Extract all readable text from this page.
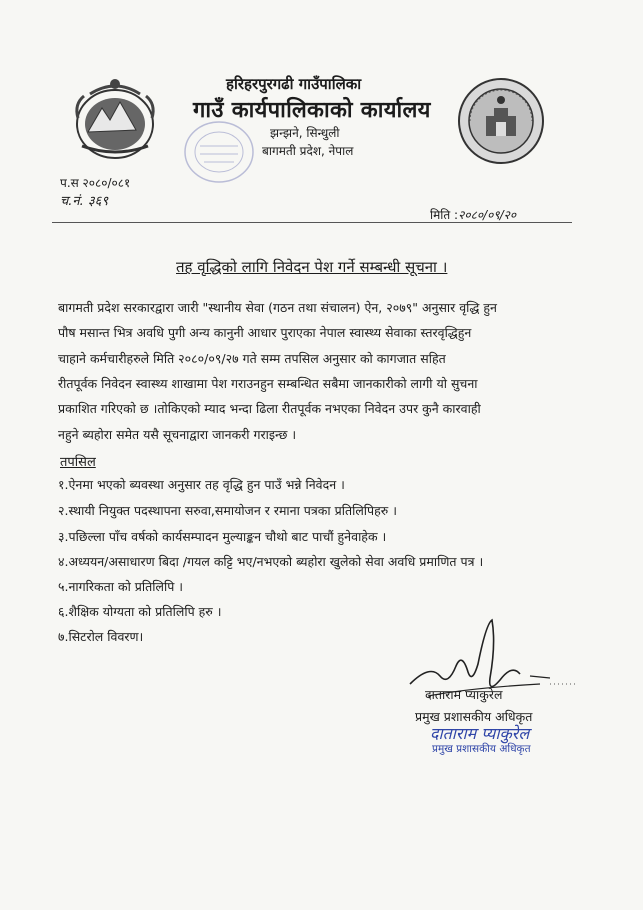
हरिहरपुरगढी गाउँपालिका
गाउँ कार्यपालिकाको कार्यालय
झन्झने, सिन्धुली
बागमती प्रदेश, नेपाल
प.स २०८०/०८१
च.नं. ३६९
मिति :२०८०/०९/२०
तह वृद्धिको लागि निवेदन पेश गर्ने सम्बन्धी सूचना ।
बागमती प्रदेश सरकारद्वारा जारी "स्थानीय सेवा (गठन तथा संचालन) ऐन, २०७९" अनुसार वृद्धि हुन
पौष मसान्त भित्र अवधि पुगी अन्य कानुनी आधार पुराएका नेपाल स्वास्थ्य सेवाका स्तरवृद्धिहुन
चाहाने कर्मचारीहरुले मिति २०८०/०९/२७ गते सम्म तपसिल अनुसार को कागजात सहित
रीतपूर्वक निवेदन स्वास्थ्य शाखामा पेश गराउनहुन सम्बन्धित सबैमा जानकारीको लागी यो सुचना
प्रकाशित गरिएको छ ।तोकिएको म्याद भन्दा ढिला रीतपूर्वक नभएका निवेदन उपर कुनै कारवाही
नहुने ब्यहोरा समेत यसै सूचनाद्वारा जानकरी गराइन्छ ।
तपसिल
१.ऐनमा भएको ब्यवस्था अनुसार तह वृद्धि हुन पाउँ भन्ने निवेदन ।
२.स्थायी नियुक्त पदस्थापना सरुवा,समायोजन र रमाना पत्रका प्रतिलिपिहरु ।
३.पछिल्ला पाँच वर्षको कार्यसम्पादन मुल्याङ्कन चौथो बाट पाचौं हुनेवाहेक ।
४.अध्ययन/असाधारण बिदा /गयल कट्टि भए/नभएको ब्यहोरा खुलेको सेवा अवधि प्रमाणित पत्र ।
५.नागरिकता को प्रतिलिपि ।
६.शैक्षिक योग्यता को प्रतिलिपि हरु ।
७.सिटरोल विवरण।
दाताराम प्याकुरेल
प्रमुख प्रशासकीय अधिकृत
दाताराम प्याकुरेल
प्रमुख प्रशासकीय अधिकृत
